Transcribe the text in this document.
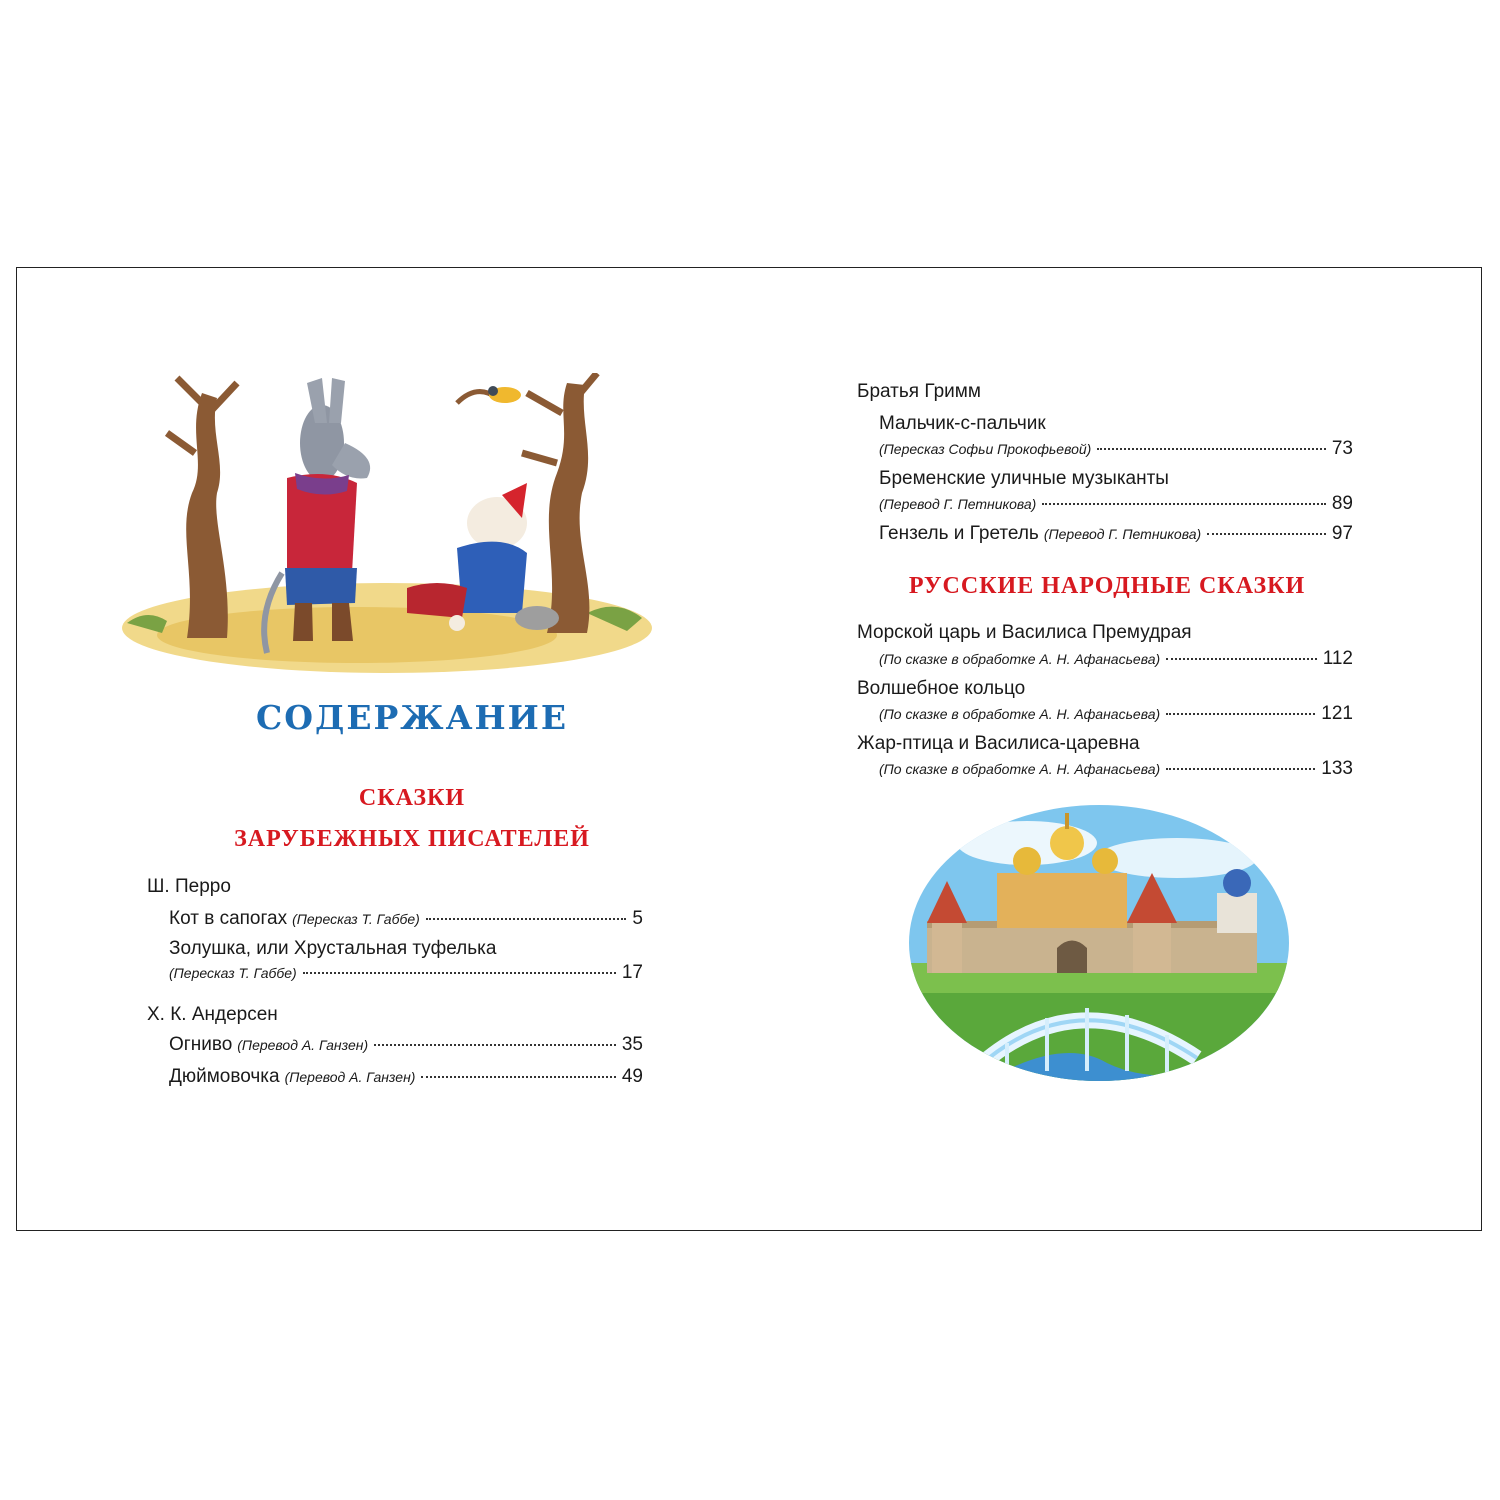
СОДЕРЖАНИЕ
СКАЗКИ
ЗАРУБЕЖНЫХ ПИСАТЕЛЕЙ
Ш. Перро
Кот в сапогах (Пересказ Т. Габбе)	5
Золушка, или Хрустальная туфелька
(Пересказ Т. Габбе)	17
Х. К. Андерсен
Огниво (Перевод А. Ганзен)	35
Дюймовочка (Перевод А. Ганзен)	49
Братья Гримм
Мальчик-с-пальчик
(Пересказ Софьи Прокофьевой)	73
Бременские уличные музыканты
(Перевод Г. Петникова)	89
Гензель и Гретель (Перевод Г. Петникова)	97
РУССКИЕ НАРОДНЫЕ СКАЗКИ
Морской царь и Василиса Премудрая
(По сказке в обработке А. Н. Афанасьева)	112
Волшебное кольцо
(По сказке в обработке А. Н. Афанасьева)	121
Жар-птица и Василиса-царевна
(По сказке в обработке А. Н. Афанасьева)	133
